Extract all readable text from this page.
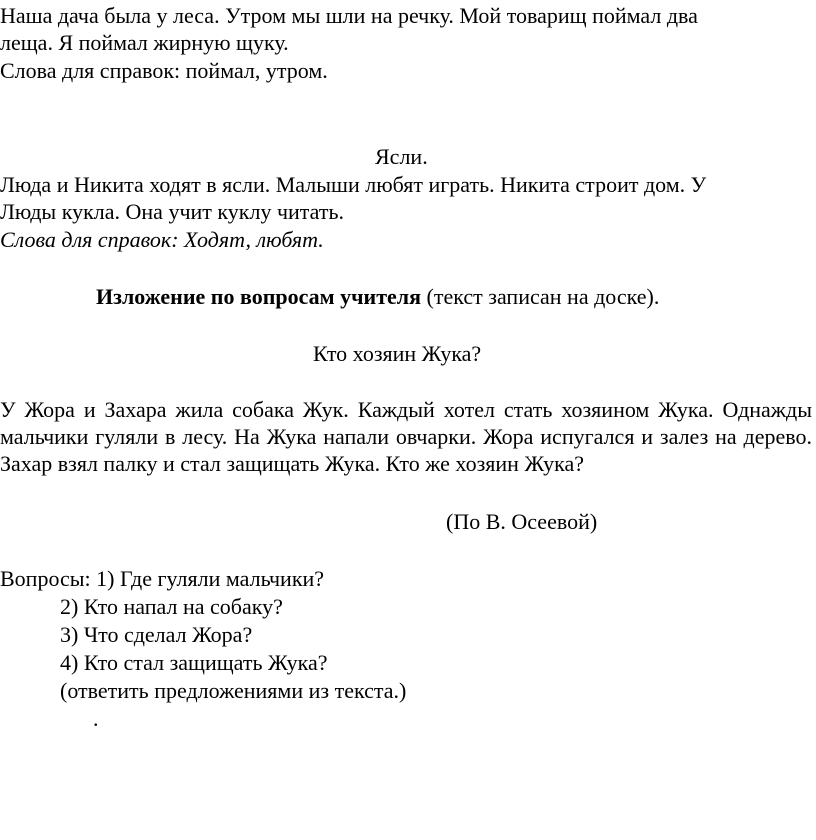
Наша дача была у леса. Утром мы шли на речку. Мой товарищ поймал два
леща. Я поймал жирную щуку.
Слова для справок: поймал, утром.
Ясли.
Люда и Никита ходят в ясли. Малыши любят играть. Никита строит дом. У
Люды кукла. Она учит куклу читать.
Слова для справок: Ходят, любят.
Изложение по вопросам учителя (текст записан на доске).
Кто хозяин Жука?
У Жора и Захара жила собака Жук. Каждый хотел стать хозяином Жука. Однажды мальчики гуляли в лесу. На Жука напали овчарки. Жора испугался и залез на дерево. Захар взял палку и стал защищать Жука. Кто же хозяин Жука?
(По В. Осеевой)
Вопросы: 1) Где гуляли мальчики?
2) Кто напал на собаку?
3) Что сделал Жора?
4) Кто стал защищать Жука?
(ответить предложениями из текста.)
.
